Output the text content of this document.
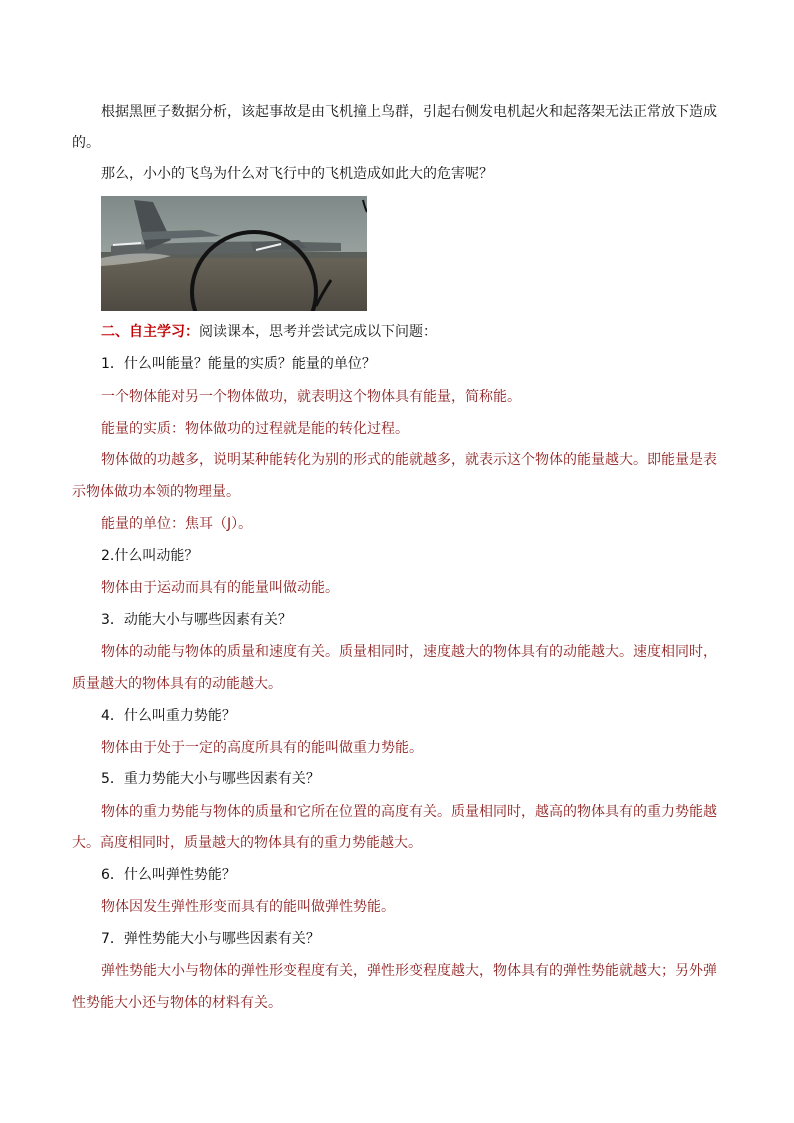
根据黑匣子数据分析，该起事故是由飞机撞上鸟群，引起右侧发电机起火和起落架无法正常放下造成
的。
那么，小小的飞鸟为什么对飞行中的飞机造成如此大的危害呢？
二、自主学习：阅读课本，思考并尝试完成以下问题：
1．什么叫能量？能量的实质？能量的单位？
一个物体能对另一个物体做功，就表明这个物体具有能量，简称能。
能量的实质：物体做功的过程就是能的转化过程。
物体做的功越多，说明某种能转化为别的形式的能就越多，就表示这个物体的能量越大。即能量是表
示物体做功本领的物理量。
能量的单位：焦耳（J）。
2.什么叫动能？
物体由于运动而具有的能量叫做动能。
3．动能大小与哪些因素有关？
物体的动能与物体的质量和速度有关。质量相同时，速度越大的物体具有的动能越大。速度相同时，
质量越大的物体具有的动能越大。
4．什么叫重力势能？
物体由于处于一定的高度所具有的能叫做重力势能。
5．重力势能大小与哪些因素有关？
物体的重力势能与物体的质量和它所在位置的高度有关。质量相同时，越高的物体具有的重力势能越
大。高度相同时，质量越大的物体具有的重力势能越大。
6．什么叫弹性势能？
物体因发生弹性形变而具有的能叫做弹性势能。
7．弹性势能大小与哪些因素有关？
弹性势能大小与物体的弹性形变程度有关，弹性形变程度越大，物体具有的弹性势能就越大；另外弹
性势能大小还与物体的材料有关。
